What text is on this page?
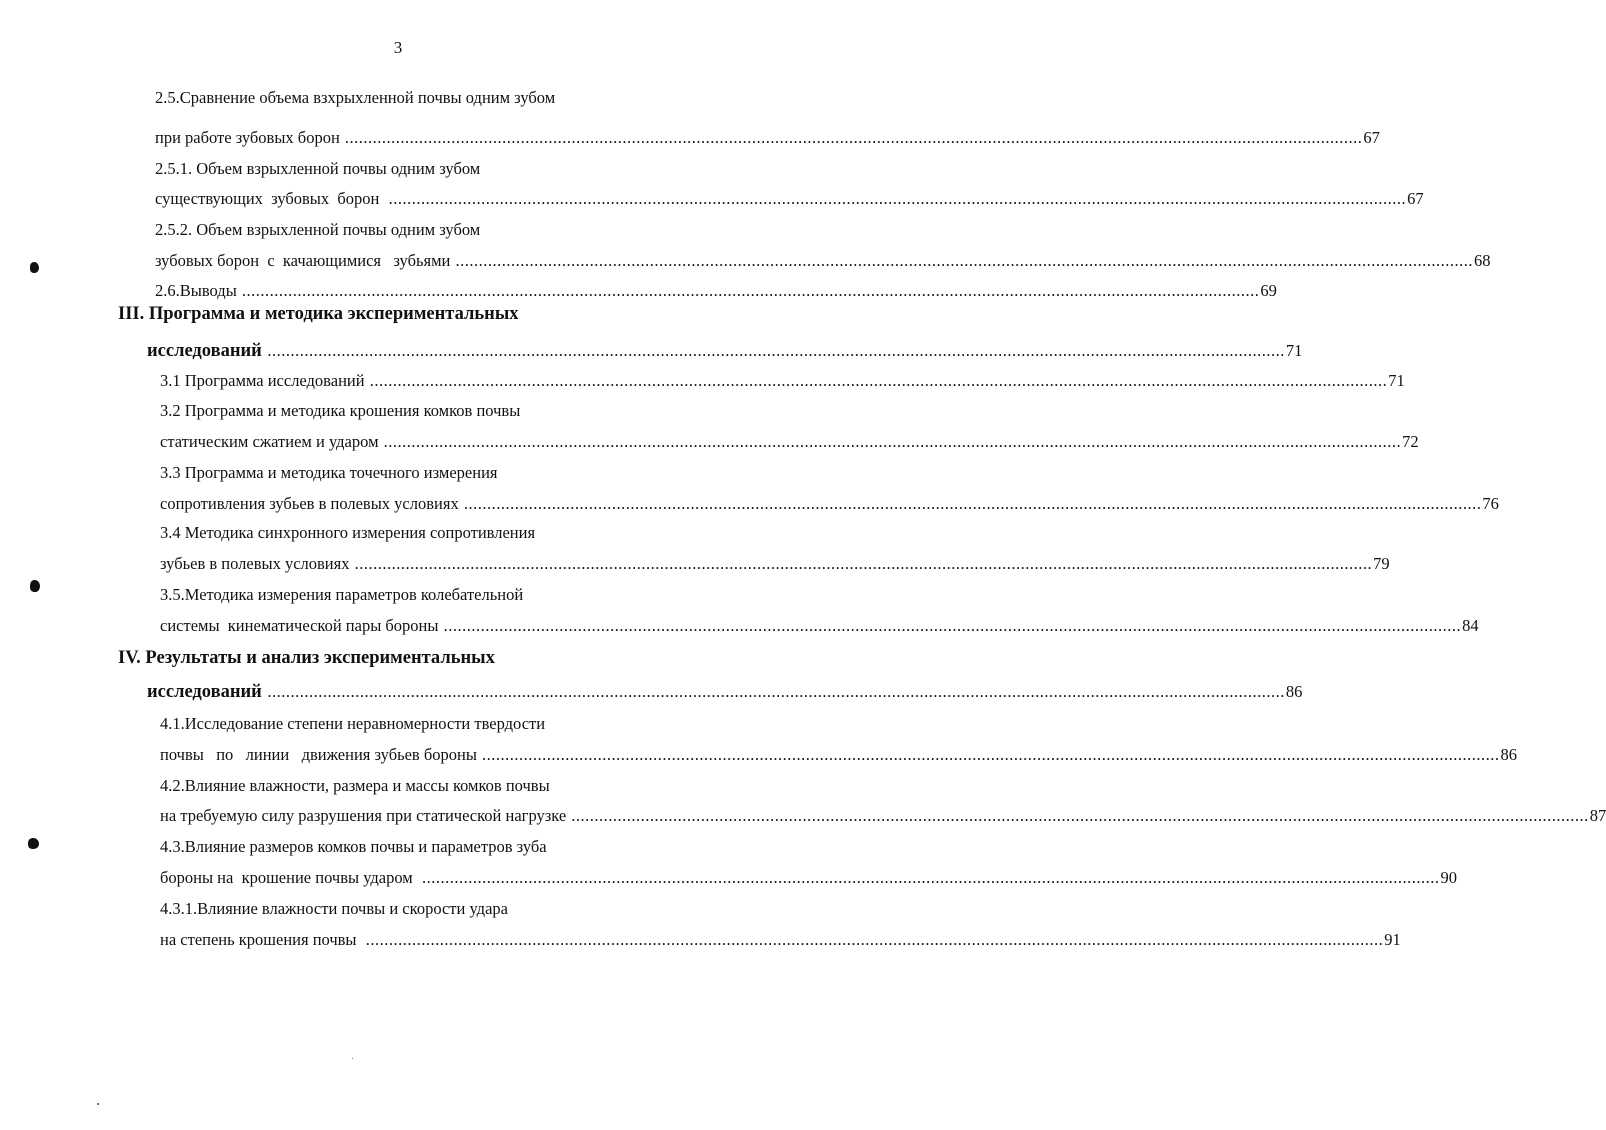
3
2.5.Сравнение объема взхрыхленной почвы одним зубом
при работе зубовых борон ............................................................................................................................................................................................................................ 67
2.5.1. Объем взрыхленной почвы одним зубом
существующих  зубовых  борон ............................................................................................................................................................................................................................ 67
2.5.2. Объем взрыхленной почвы одним зубом
зубовых борон  с  качающимися   зубьями ............................................................................................................................................................................................................................ 68
2.6.Выводы ............................................................................................................................................................................................................................ 69
III. Программа и методика экспериментальных
исследований ............................................................................................................................................................................................................................ 71
3.1 Программа исследований ............................................................................................................................................................................................................................ 71
3.2 Программа и методика крошения комков почвы
статическим сжатием и ударом ............................................................................................................................................................................................................................ 72
3.3 Программа и методика точечного измерения
сопротивления зубьев в полевых условиях ............................................................................................................................................................................................................................ 76
3.4 Методика синхронного измерения сопротивления
зубьев в полевых условиях ............................................................................................................................................................................................................................ 79
3.5.Методика измерения параметров колебательной
системы  кинематической пары бороны ............................................................................................................................................................................................................................ 84
IV. Результаты и анализ экспериментальных
исследований ............................................................................................................................................................................................................................ 86
4.1.Исследование степени неравномерности твердости
почвы   по   линии   движения зубьев бороны ............................................................................................................................................................................................................................ 86
4.2.Влияние влажности, размера и массы комков почвы
на требуемую силу разрушения при статической нагрузке ............................................................................................................................................................................................................................ 87
4.3.Влияние размеров комков почвы и параметров зуба
бороны на  крошение почвы ударом ............................................................................................................................................................................................................................ 90
4.3.1.Влияние влажности почвы и скорости удара
на степень крошения почвы ............................................................................................................................................................................................................................ 91
